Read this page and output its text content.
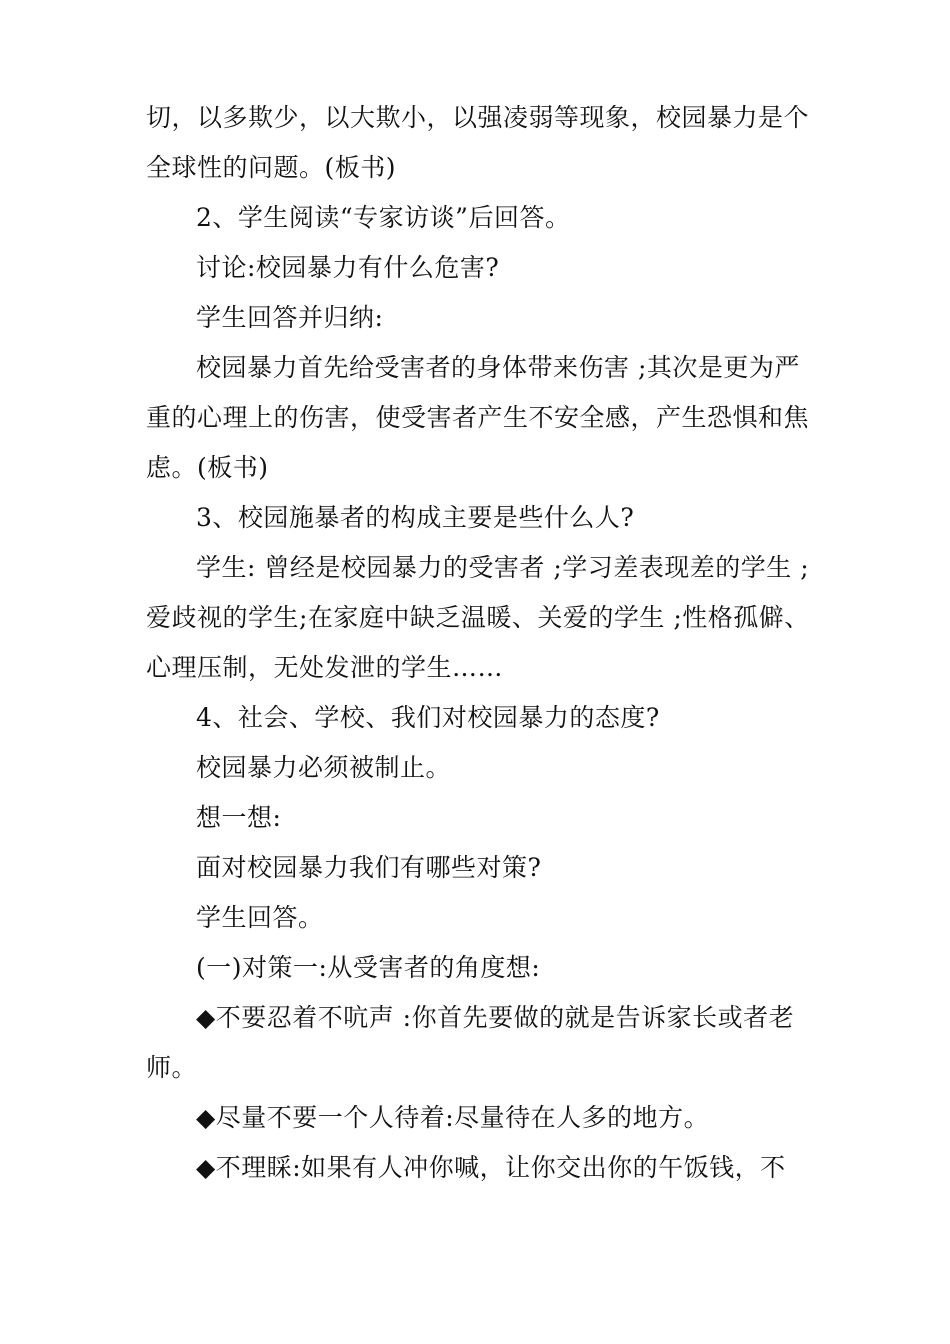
切，以多欺少，以大欺小，以强凌弱等现象，校园暴力是个
全球性的问题。(板书)
2、学生阅读“专家访谈”后回答。
讨论:校园暴力有什么危害?
学生回答并归纳:
校园暴力首先给受害者的身体带来伤害 ;其次是更为严
重的心理上的伤害，使受害者产生不安全感，产生恐惧和焦
虑。(板书)
3、校园施暴者的构成主要是些什么人?
学生: 曾经是校园暴力的受害者 ;学习差表现差的学生 ;
爱歧视的学生;在家庭中缺乏温暖、关爱的学生 ;性格孤僻、
心理压制，无处发泄的学生……
4、社会、学校、我们对校园暴力的态度?
校园暴力必须被制止。
想一想:
面对校园暴力我们有哪些对策?
学生回答。
(一)对策一:从受害者的角度想:
◆不要忍着不吭声 :你首先要做的就是告诉家长或者老
师。
◆尽量不要一个人待着:尽量待在人多的地方。
◆不理睬:如果有人冲你喊，让你交出你的午饭钱，不
